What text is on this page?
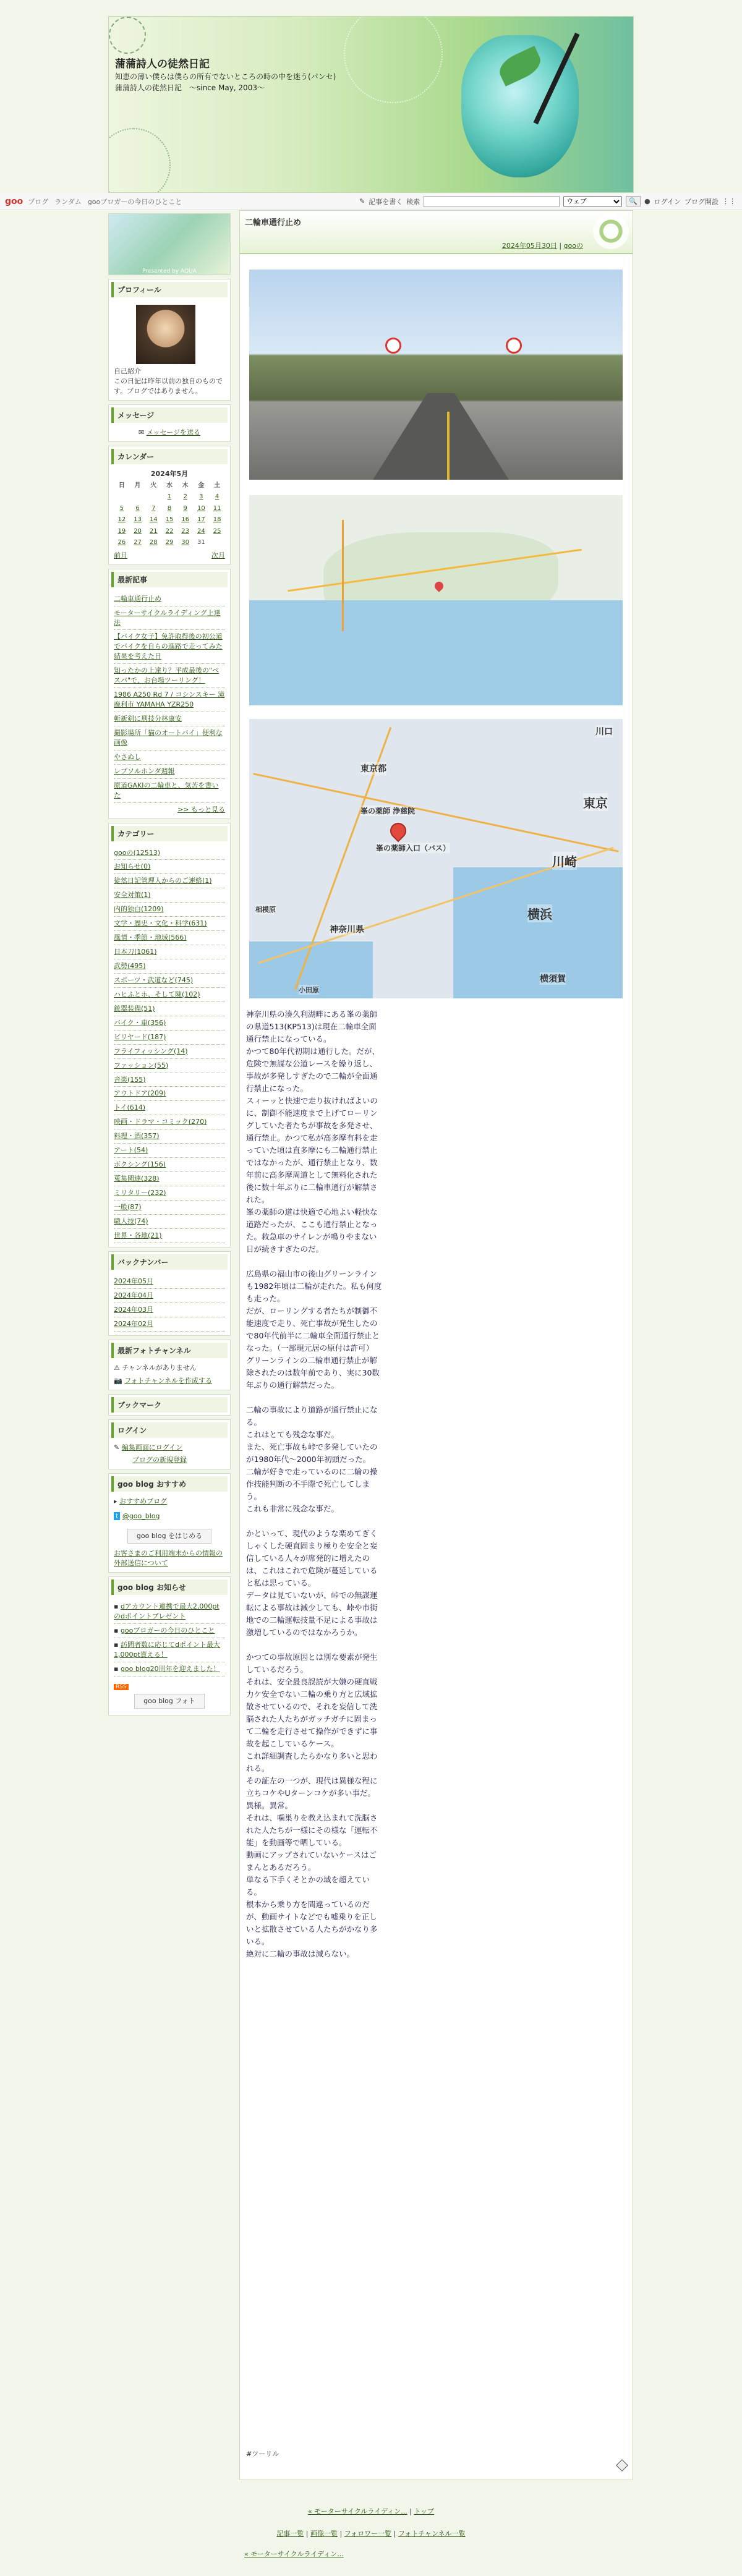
蒲蒲詩人の徒然日記
知恵の薄い僕らは僕らの所有でないところの時の中を迷う(パンセ)　蒲蒲詩人の徒然日記　〜since May, 2003〜
goo ブログ ランダム gooブロガーの今日のひとこと	✎ 記事を書く 検索
ウェブ	🔍	● ログイン ブログ開設 ⋮⋮
Presented by AQUA
プロフィール
自己紹介
この日記は昨年以前の独自のものです。ブログではありません。
メッセージ
✉ メッセージを送る
カレンダー
2024年5月
日	月	火	水	木	金	土
			1	2	3	4
5	6	7	8	9	10	11
12	13	14	15	16	17	18
19	20	21	22	23	24	25
26	27	28	29	30	31	
前月	次月
最新記事
二輪車通行止め
モーターサイクルライディング上達法
【バイク女子】免許取得後の初公道でバイクを自らの進路で走ってみた結果を考えた日
知ったかの上達り？平成最後の"ベスパ"で、お台場ツーリング！
1986 A250 Rd 7 / コシンスキー 滝鹿利市 YAMAHA YZR250
斬新剣に刑技分林康安
撮影場所「猫のオートバイ」便利な画像
やさぬし
レプソルホンダ週報
原道GAKIの二輪車と、気苦を書いた
>> もっと見る
カテゴリー
gooの(12513)
お知らせ(0)
徒然日記管理人からのご連絡(1)
安全対策(1)
内的独白(1209)
文学・歴史・文化・科学(631)
風情・季節・地域(566)
日本刀(1061)
武勢(495)
スポーツ・武道など(745)
ハヒふとホ、そして陳(102)
銃器装備(51)
バイク・車(356)
ビリヤード(187)
フライフィッシング(14)
ファッション(55)
音楽(155)
アウトドア(209)
トイ(614)
映画・ドラマ・コミック(270)
料理・酒(357)
アート(54)
ボクシング(156)
蒐集関連(328)
ミリタリー(232)
一般(87)
職人技(74)
世界・各地(21)
バックナンバー
2024年05月
2024年04月
2024年03月
2024年02月
最新フォトチャンネル
⚠ チャンネルがありません
📷 フォトチャンネルを作成する
ブックマーク
ログイン
✎ 編集画面にログイン
ブログの新規登録
goo blog おすすめ
▸ おすすめブログ
t @goo_blog
goo blog をはじめる
お客さまのご利用端末からの情報の外部送信について
goo blog お知らせ
▪ dアカウント連携で最大2,000ptのdポイントプレゼント
▪ gooブロガーの今日のひとこと
▪ 訪問者数に応じてdポイント最大1,000pt貰える！
▪ goo blog20周年を迎えました！
RSS
goo blog フォト
二輪車通行止め
2024年05月30日 | gooの
東京都
峯の薬師 浄慈院
峯の薬師入口（バス）
神奈川県
川崎
横浜
横須賀
相模原
東京
川口
小田原

神奈川県の湊久利湖畔にある峯の薬師の県道513(KP513)は現在二輪車全面通行禁止になっている。
かつて80年代初期は通行した。だが、危険で無謀な公道レースを繰り返し、事故が多発しすぎたので二輪が全面通行禁止になった。
スィーッと快速で走り抜ければよいのに、制御不能速度まで上げてローリングしていた者たちが事故を多発させ、通行禁止。かつて私が高多摩有料を走っていた頃は直多摩にも二輪通行禁止ではなかったが、通行禁止となり、数年前に高多摩周道として無料化された後に数十年ぶりに二輪車通行が解禁された。
峯の薬師の道は快適で心地よい軽快な道路だったが、ここも通行禁止となった。救急車のサイレンが鳴りやまない日が続きすぎたのだ。

広島県の福山市の後山グリーンラインも1982年頃は二輪が走れた。私も何度も走った。
だが、ローリングする者たちが制御不能速度で走り、死亡事故が発生したので80年代前半に二輪車全面通行禁止となった。（一部現元居の原付は許可）
グリーンラインの二輪車通行禁止が解除されたのは数年前であり、実に30数年ぶりの通行解禁だった。

二輪の事故により道路が通行禁止になる。
これはとても残念な事だ。
また、死亡事故も峠で多発していたのが1980年代〜2000年初頭だった。
二輪が好きで走っているのに二輪の操作技能判断の不手際で死亡してしまう。
これも非常に残念な事だ。

かといって、現代のような楽めてぎくしゃくした硬直固まり極りを安全と妄信している人々が席発的に増えたのは、これはこれで危険が蔓延していると私は思っている。
データは見ていないが、峠での無謀運転による事故は減少しても、峠や市街地での二輪運転技量不足による事故は激増しているのではなかろうか。

かつての事故原因とは別な要素が発生しているだろう。
それは、安全最良誤読が大嫌の硬直戦力ケ安全でない二輪の乗り方と広域拡散させているので、それを妄信して洗脳された人たちがガッチガチに固まって二輪を走行させて操作ができずに事故を起こしているケース。
これ詳細調査したらかなり多いと思われる。
その証左の一つが、現代は異様な程に立ちコケやUターンコケが多い事だ。異様。異常。
それは、噛巣りを教え込まれて洗脳された人たちが一様にその様な「運転不能」を動画等で晒している。
動画にアップされていないケースはごまんとあるだろう。
単なる下手くそとかの域を超えている。
根本から乗り方を間違っているのだが、動画サイトなどでも嘘乗りを正しいと拡散させている人たちがかなり多いる。
絶対に二輪の事故は減らない。

#ツーリル
« モーターサイクルライディン... | トップ
記事一覧 | 画像一覧 | フォロワー一覧 | フォトチャンネル一覧
« モーターサイクルライディン...
